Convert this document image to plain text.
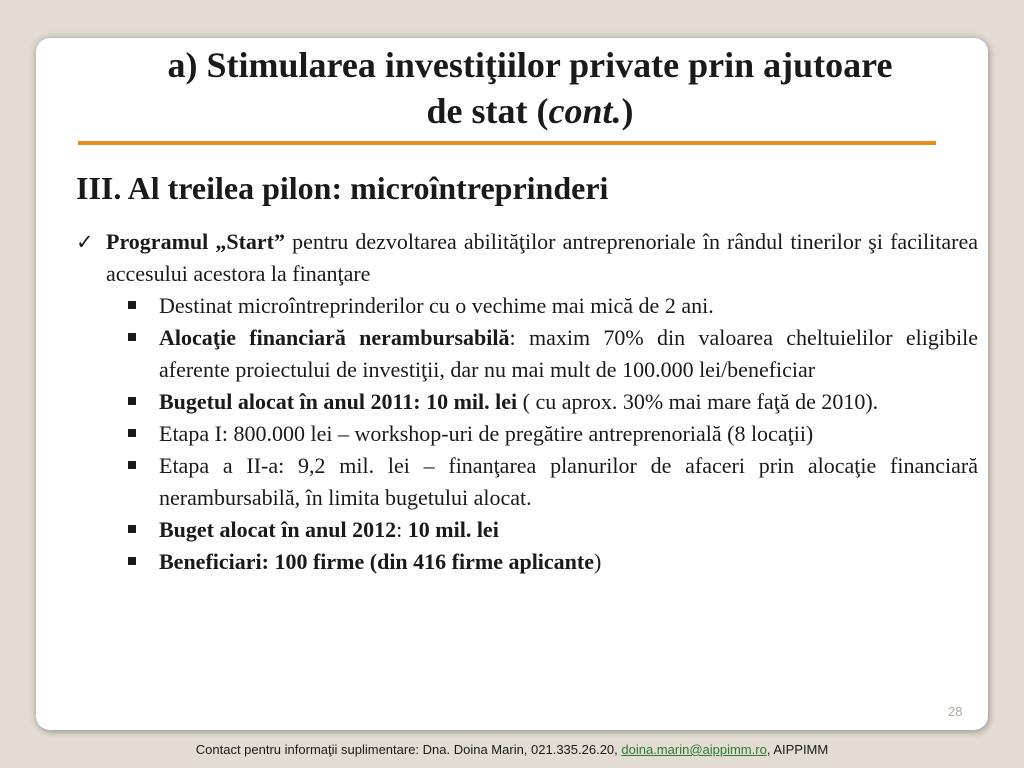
a) Stimularea investiţiilor private prin ajutoare
de stat (cont.)
III. Al treilea pilon: microîntreprinderi
✓ Programul „Start” pentru dezvoltarea abilităţilor antreprenoriale în rândul tinerilor şi facilitarea accesului acestora la finanţare
Destinat microîntreprinderilor cu o vechime mai mică de 2 ani.
Alocaţie financiară nerambursabilă: maxim 70% din valoarea cheltuielilor eligibile aferente proiectului de investiţii, dar nu mai mult de 100.000 lei/beneficiar
Bugetul alocat în anul 2011: 10 mil. lei ( cu aprox. 30% mai mare faţă de 2010).
Etapa I: 800.000 lei – workshop-uri de pregătire antreprenorială (8 locaţii)
Etapa a II-a: 9,2 mil. lei – finanţarea planurilor de afaceri prin alocaţie financiară nerambursabilă, în limita bugetului alocat.
Buget alocat în anul 2012: 10 mil. lei
Beneficiari: 100 firme (din 416 firme aplicante)
28
Contact pentru informaţii suplimentare: Dna. Doina Marin, 021.335.26.20, doina.marin@aippimm.ro, AIPPIMM
